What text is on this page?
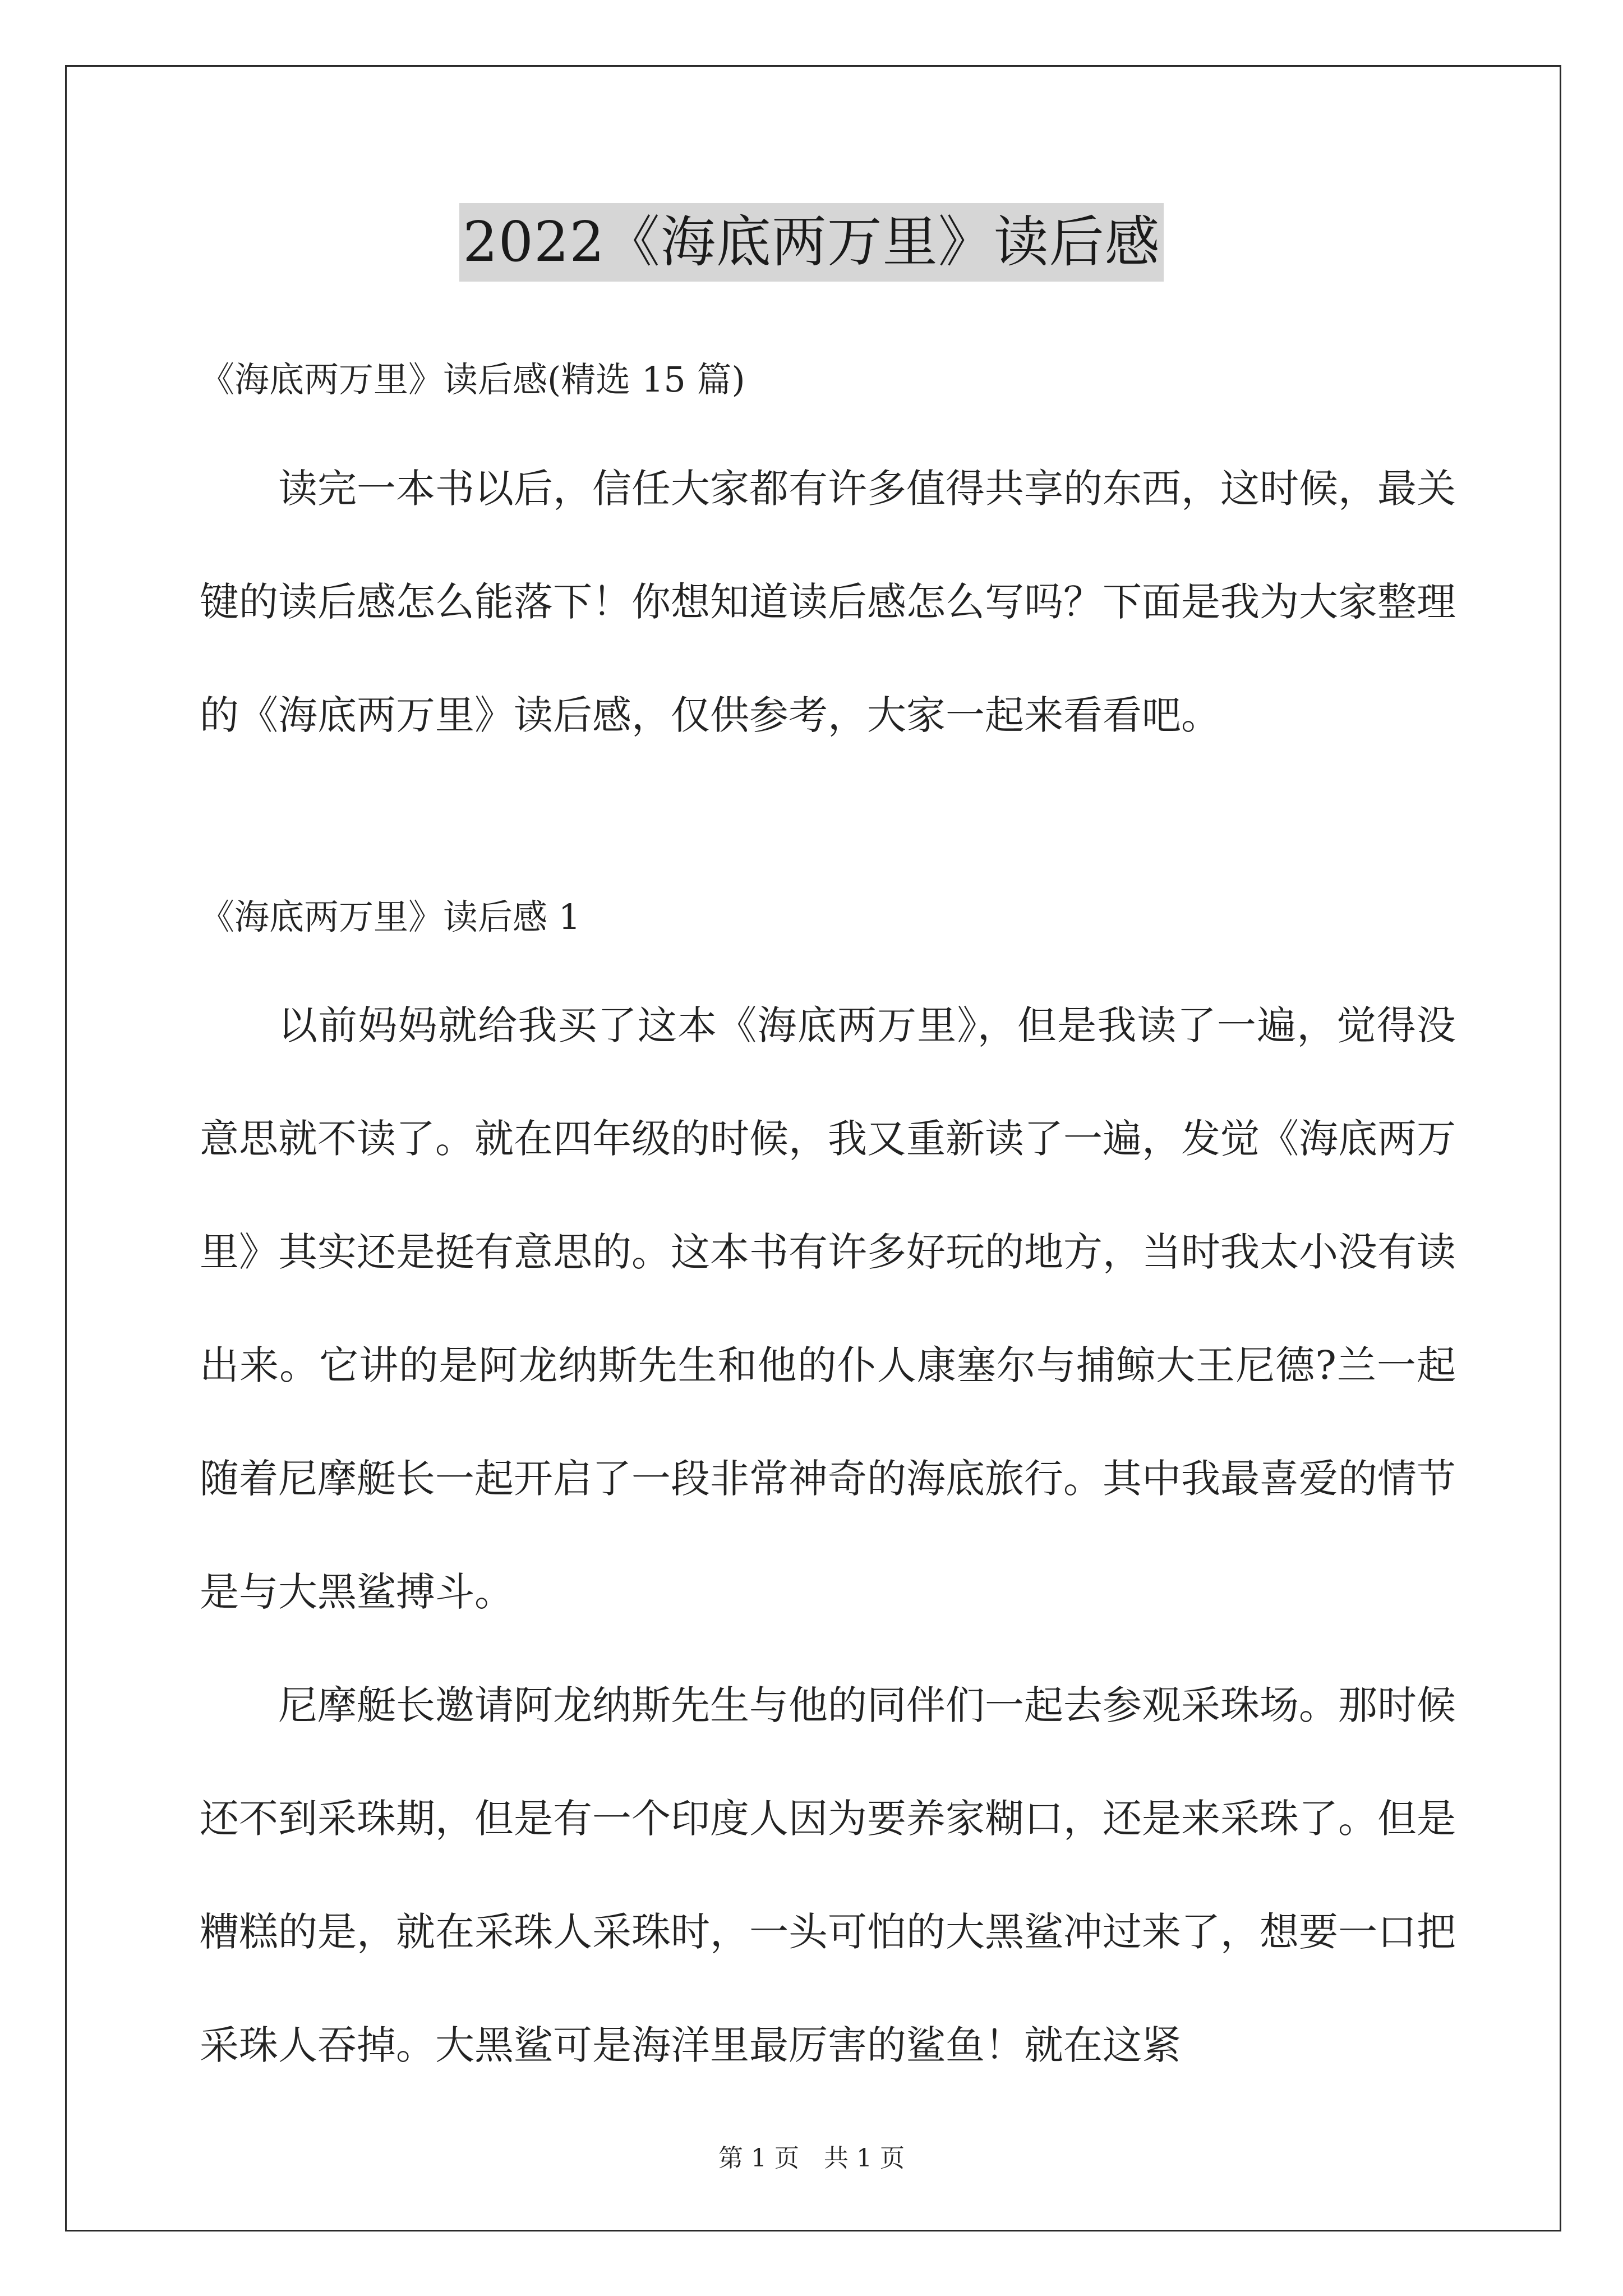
2022《海底两万里》读后感
《海底两万里》读后感(精选 15 篇)

读完一本书以后，信任大家都有许多值得共享的东西，这时候，最关键的读后感怎么能落下！你想知道读后感怎么写吗？下面是我为大家整理的《海底两万里》读后感，仅供参考，大家一起来看看吧。

《海底两万里》读后感 1

以前妈妈就给我买了这本《海底两万里》，但是我读了一遍，觉得没意思就不读了。就在四年级的时候，我又重新读了一遍，发觉《海底两万里》其实还是挺有意思的。这本书有许多好玩的地方，当时我太小没有读出来。它讲的是阿龙纳斯先生和他的仆人康塞尔与捕鲸大王尼德?兰一起随着尼摩艇长一起开启了一段非常神奇的海底旅行。其中我最喜爱的情节是与大黑鲨搏斗。

尼摩艇长邀请阿龙纳斯先生与他的同伴们一起去参观采珠场。那时候还不到采珠期，但是有一个印度人因为要养家糊口，还是来采珠了。但是糟糕的是，就在采珠人采珠时，一头可怕的大黑鲨冲过来了，想要一口把采珠人吞掉。大黑鲨可是海洋里最厉害的鲨鱼！就在这紧

第 1 页　共 1 页
